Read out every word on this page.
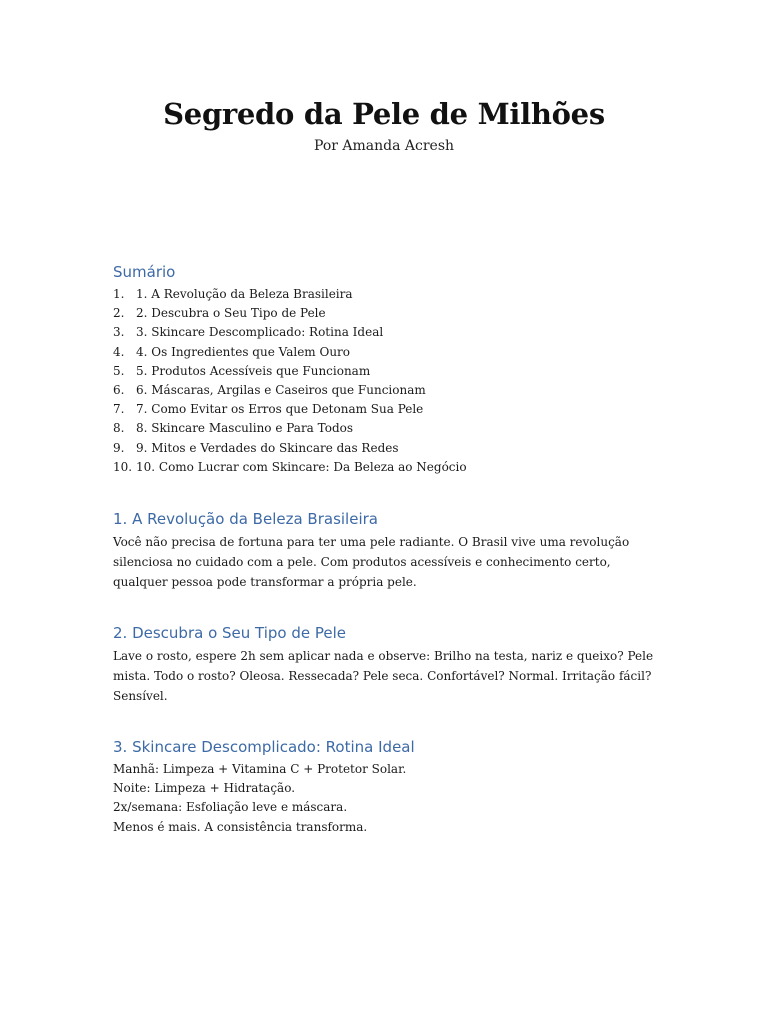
Segredo da Pele de Milhões
Por Amanda Acresh
Sumário
1. 1. A Revolução da Beleza Brasileira
2. 2. Descubra o Seu Tipo de Pele
3. 3. Skincare Descomplicado: Rotina Ideal
4. 4. Os Ingredientes que Valem Ouro
5. 5. Produtos Acessíveis que Funcionam
6. 6. Máscaras, Argilas e Caseiros que Funcionam
7. 7. Como Evitar os Erros que Detonam Sua Pele
8. 8. Skincare Masculino e Para Todos
9. 9. Mitos e Verdades do Skincare das Redes
10. 10. Como Lucrar com Skincare: Da Beleza ao Negócio
1. A Revolução da Beleza Brasileira

Você não precisa de fortuna para ter uma pele radiante. O Brasil vive uma revolução silenciosa no cuidado com a pele. Com produtos acessíveis e conhecimento certo, qualquer pessoa pode transformar a própria pele.

2. Descubra o Seu Tipo de Pele

Lave o rosto, espere 2h sem aplicar nada e observe: Brilho na testa, nariz e queixo? Pele mista. Todo o rosto? Oleosa. Ressecada? Pele seca. Confortável? Normal. Irritação fácil? Sensível.

3. Skincare Descomplicado: Rotina Ideal
Manhã: Limpeza + Vitamina C + Protetor Solar.
Noite: Limpeza + Hidratação.
2x/semana: Esfoliação leve e máscara.
Menos é mais. A consistência transforma.
